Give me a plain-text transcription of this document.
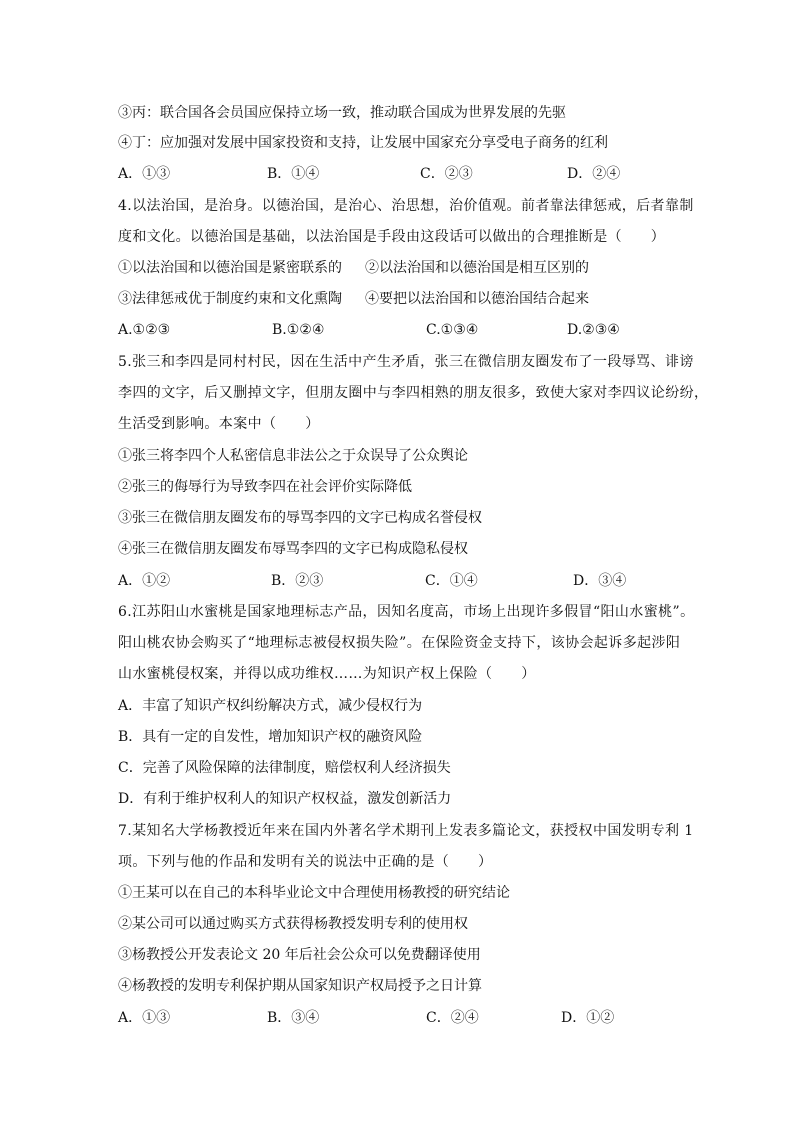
③丙：联合国各会员国应保持立场一致，推动联合国成为世界发展的先驱
④丁：应加强对发展中国家投资和支持，让发展中国家充分享受电子商务的红利
A．①③	B．①④	C．②③	D．②④
4.以法治国，是治身。以德治国，是治心、治思想，治价值观。前者靠法律惩戒，后者靠制
度和文化。以德治国是基础，以法治国是手段由这段话可以做出的合理推断是（　　）
①以法治国和以德治国是紧密联系的 ②以法治国和以德治国是相互区别的
③法律惩戒优于制度约束和文化熏陶 ④要把以法治国和以德治国结合起来
A.①②③	B.①②④	C.①③④	D.②③④
5.张三和李四是同村村民，因在生活中产生矛盾，张三在微信朋友圈发布了一段辱骂、诽谤
李四的文字，后又删掉文字，但朋友圈中与李四相熟的朋友很多，致使大家对李四议论纷纷，
生活受到影响。本案中（　　）
①张三将李四个人私密信息非法公之于众误导了公众舆论
②张三的侮辱行为导致李四在社会评价实际降低
③张三在微信朋友圈发布的辱骂李四的文字已构成名誉侵权
④张三在微信朋友圈发布辱骂李四的文字已构成隐私侵权
A．①②	B．②③	C．①④	D．③④
6.江苏阳山水蜜桃是国家地理标志产品，因知名度高，市场上出现许多假冒“阳山水蜜桃”。
阳山桃农协会购买了“地理标志被侵权损失险”。在保险资金支持下，该协会起诉多起涉阳
山水蜜桃侵权案，并得以成功维权……为知识产权上保险（　　）
A．丰富了知识产权纠纷解决方式，减少侵权行为
B．具有一定的自发性，增加知识产权的融资风险
C．完善了风险保障的法律制度，赔偿权利人经济损失
D．有利于维护权利人的知识产权权益，激发创新活力
7.某知名大学杨教授近年来在国内外著名学术期刊上发表多篇论文，获授权中国发明专利 1
项。下列与他的作品和发明有关的说法中正确的是（　　）
①王某可以在自己的本科毕业论文中合理使用杨教授的研究结论
②某公司可以通过购买方式获得杨教授发明专利的使用权
③杨教授公开发表论文 20 年后社会公众可以免费翻译使用
④杨教授的发明专利保护期从国家知识产权局授予之日计算
A．①③	B．③④	C．②④	D．①②
